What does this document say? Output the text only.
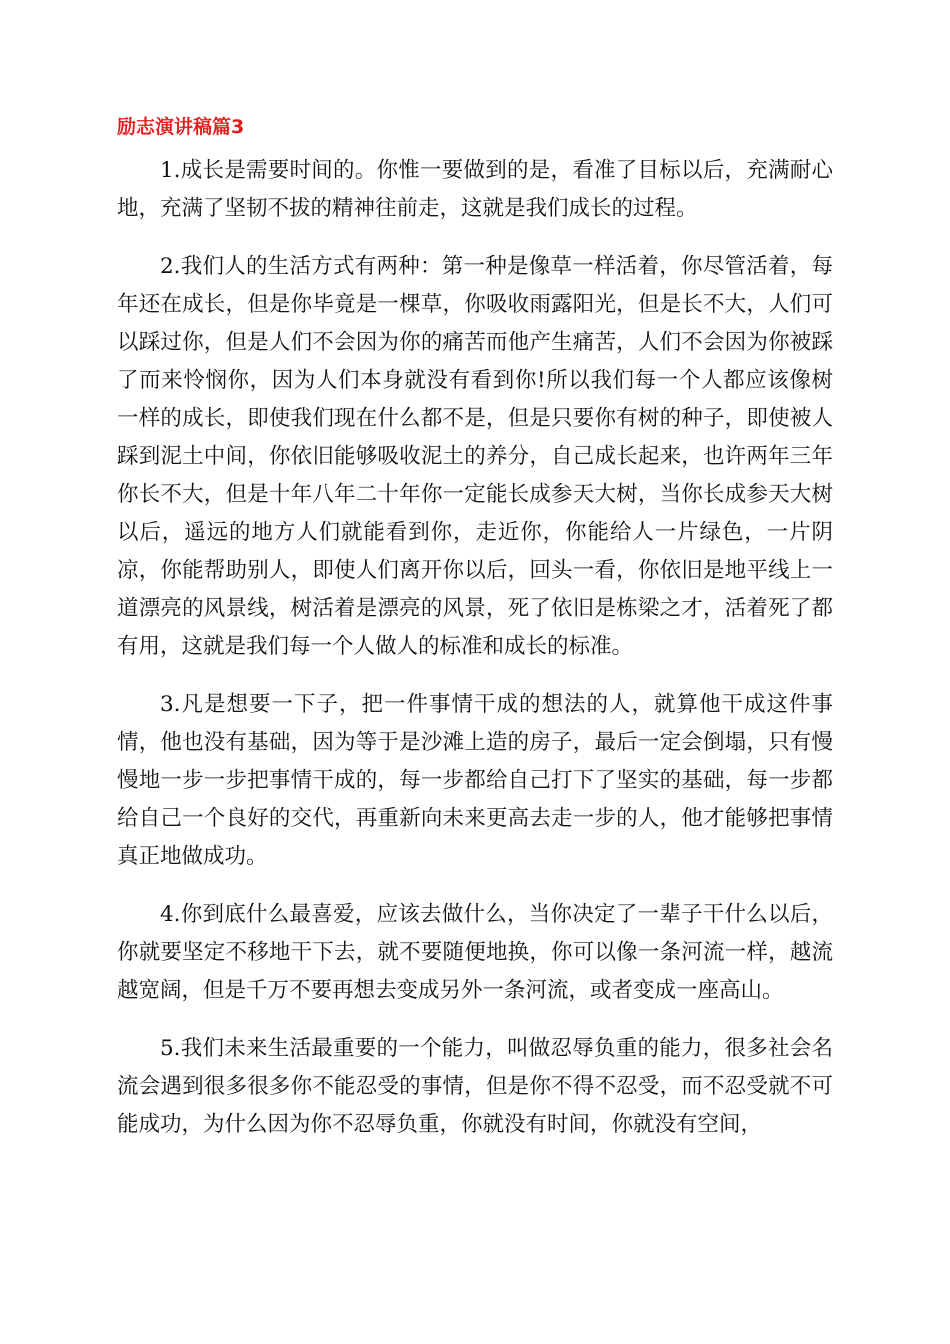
励志演讲稿篇3

1.成长是需要时间的。你惟一要做到的是，看准了目标以后，充满耐心地，充满了坚韧不拔的精神往前走，这就是我们成长的过程。

2.我们人的生活方式有两种：第一种是像草一样活着，你尽管活着，每年还在成长，但是你毕竟是一棵草，你吸收雨露阳光，但是长不大，人们可以踩过你，但是人们不会因为你的痛苦而他产生痛苦，人们不会因为你被踩了而来怜悯你，因为人们本身就没有看到你!所以我们每一个人都应该像树一样的成长，即使我们现在什么都不是，但是只要你有树的种子，即使被人踩到泥土中间，你依旧能够吸收泥土的养分，自己成长起来，也许两年三年你长不大，但是十年八年二十年你一定能长成参天大树，当你长成参天大树以后，遥远的地方人们就能看到你，走近你，你能给人一片绿色，一片阴凉，你能帮助别人，即使人们离开你以后，回头一看，你依旧是地平线上一道漂亮的风景线，树活着是漂亮的风景，死了依旧是栋梁之才，活着死了都有用，这就是我们每一个人做人的标准和成长的标准。

3.凡是想要一下子，把一件事情干成的想法的人，就算他干成这件事情，他也没有基础，因为等于是沙滩上造的房子，最后一定会倒塌，只有慢慢地一步一步把事情干成的，每一步都给自己打下了坚实的基础，每一步都给自己一个良好的交代，再重新向未来更高去走一步的人，他才能够把事情真正地做成功。

4.你到底什么最喜爱，应该去做什么，当你决定了一辈子干什么以后，你就要坚定不移地干下去，就不要随便地换，你可以像一条河流一样，越流越宽阔，但是千万不要再想去变成另外一条河流，或者变成一座高山。

5.我们未来生活最重要的一个能力，叫做忍辱负重的能力，很多社会名流会遇到很多很多你不能忍受的事情，但是你不得不忍受，而不忍受就不可能成功，为什么因为你不忍辱负重，你就没有时间，你就没有空间，
